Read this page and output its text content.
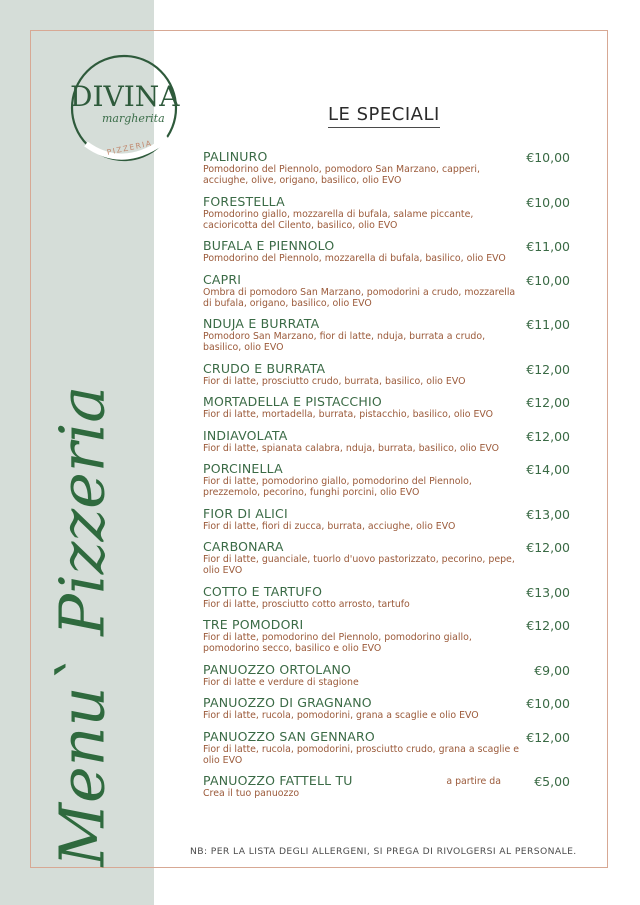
DIVINA
margherita
PIZZERIA
Menu` Pizzeria
LE SPECIALI
PALINURO
Pomodorino del Piennolo, pomodoro San Marzano, capperi, acciughe, olive, origano, basilico, olio EVO
€10,00
FORESTELLA
Pomodorino giallo, mozzarella di bufala, salame piccante, cacioricotta del Cilento, basilico, olio EVO
€10,00
BUFALA E PIENNOLO
Pomodorino del Piennolo, mozzarella di bufala, basilico, olio EVO
€11,00
CAPRI
Ombra di pomodoro San Marzano, pomodorini a crudo, mozzarella di bufala, origano, basilico, olio EVO
€10,00
NDUJA E BURRATA
Pomodoro San Marzano, fior di latte, nduja, burrata a crudo, basilico, olio EVO
€11,00
CRUDO E BURRATA
Fior di latte, prosciutto crudo, burrata, basilico, olio EVO
€12,00
MORTADELLA E PISTACCHIO
Fior di latte, mortadella, burrata, pistacchio, basilico, olio EVO
€12,00
INDIAVOLATA
Fior di latte, spianata calabra, nduja, burrata, basilico, olio EVO
€12,00
PORCINELLA
Fior di latte, pomodorino giallo, pomodorino del Piennolo, prezzemolo, pecorino, funghi porcini, olio EVO
€14,00
FIOR DI ALICI
Fior di latte, fiori di zucca, burrata, acciughe, olio EVO
€13,00
CARBONARA
Fior di latte, guanciale, tuorlo d'uovo pastorizzato, pecorino, pepe, olio EVO
€12,00
COTTO E TARTUFO
Fior di latte, prosciutto cotto arrosto, tartufo
€13,00
TRE POMODORI
Fior di latte, pomodorino del Piennolo, pomodorino giallo, pomodorino secco, basilico e olio EVO
€12,00
PANUOZZO ORTOLANO
Fior di latte e verdure di stagione
€9,00
PANUOZZO DI GRAGNANO
Fior di latte, rucola, pomodorini, grana a scaglie e olio EVO
€10,00
PANUOZZO SAN GENNARO
Fior di latte, rucola, pomodorini, prosciutto crudo, grana a scaglie e olio EVO
€12,00
PANUOZZO FATTELL TU
Crea il tuo panuozzo
a partire da	€5,00
NB: PER LA LISTA DEGLI ALLERGENI, SI PREGA DI RIVOLGERSI AL PERSONALE.
